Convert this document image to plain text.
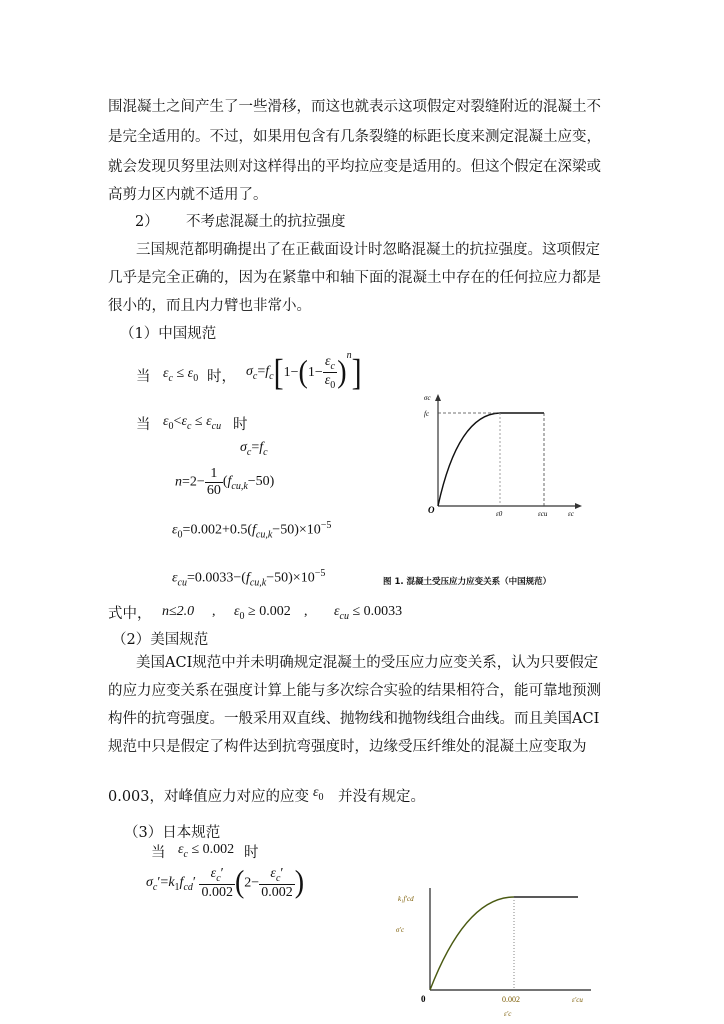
围混凝土之间产生了一些滑移，而这也就表示这项假定对裂缝附近的混凝土不
是完全适用的。不过，如果用包含有几条裂缝的标距长度来测定混凝土应变，
就会发现贝努里法则对这样得出的平均拉应变是适用的。但这个假定在深梁或
高剪力区内就不适用了。
2） 不考虑混凝土的抗拉强度
三国规范都明确提出了在正截面设计时忽略混凝土的抗拉强度。这项假定
几乎是完全正确的，因为在紧靠中和轴下面的混凝土中存在的任何拉应力都是
很小的，而且内力臂也非常小。
（1）中国规范
当 $\varepsilon_c \le \varepsilon_0$ 时， $\sigma_c=f_c[1-(1- \frac{\varepsilon_c}{\varepsilon_0} )^n]$
当 $\varepsilon_0<\varepsilon_c \le \varepsilon_{cu}$ 时
$\sigma_c=f_c$
$n=2- \frac{1}{60} (f_{cu,k}-50)$
$\varepsilon_0=0.002+0.5(f_{cu,k}-50)\times 10^{-5}$
$\varepsilon_{cu}=0.0033-(f_{cu,k}-50)\times 10^{-5}$
图 1. 混凝土受压应力应变关系（中国规范）
σc
fc
O	ε0	εcu	εc
式中， n≤2.0 , $\varepsilon_0 \ge 0.002$ , $\varepsilon_{cu} \le 0.0033$
（2）美国规范
美国ACI规范中并未明确规定混凝土的受压应力应变关系，认为只要假定
的应力应变关系在强度计算上能与多次综合实验的结果相符合，能可靠地预测
构件的抗弯强度。一般采用双直线、抛物线和抛物线组合曲线。而且美国ACI
规范中只是假定了构件达到抗弯强度时，边缘受压纤维处的混凝土应变取为
0.003，对峰值应力对应的应变 $\varepsilon_0$ 并没有规定。
（3）日本规范
当 $\varepsilon_c \le 0.002$ 时
$\sigma_c'=k_1f_{cd}' \frac{\varepsilon_c'}{0.002} (2- \frac{\varepsilon_c'}{0.002}$ )	k₁f′cd
σ′c
0	0.002	ε′cu
ε′c
